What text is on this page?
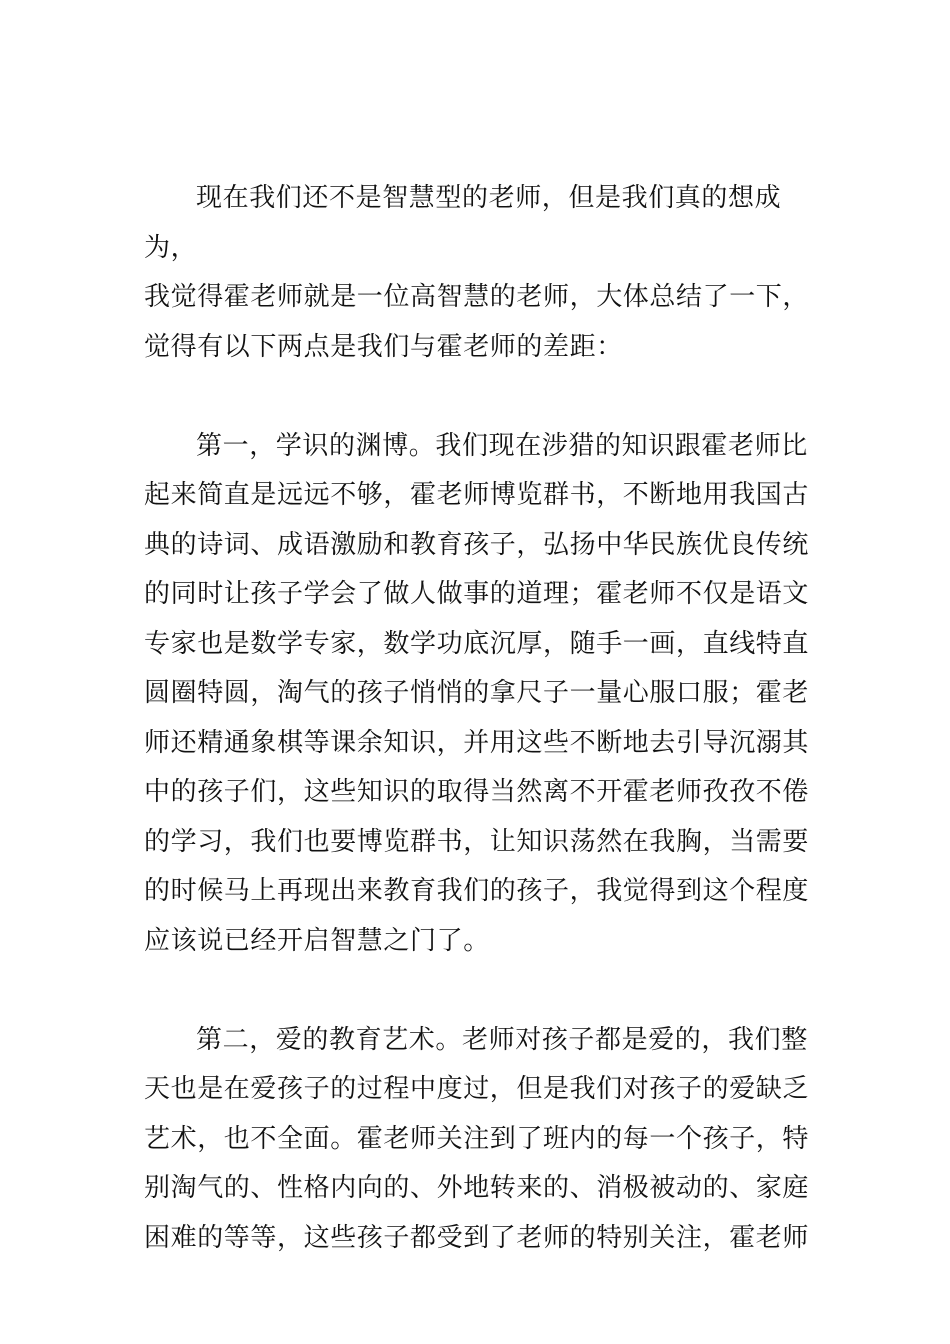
现在我们还不是智慧型的老师，但是我们真的想成为，
我觉得霍老师就是一位高智慧的老师，大体总结了一下，
觉得有以下两点是我们与霍老师的差距：

第一，学识的渊博。我们现在涉猎的知识跟霍老师比
起来简直是远远不够，霍老师博览群书，不断地用我国古
典的诗词、成语激励和教育孩子，弘扬中华民族优良传统
的同时让孩子学会了做人做事的道理；霍老师不仅是语文
专家也是数学专家，数学功底沉厚，随手一画，直线特直
圆圈特圆，淘气的孩子悄悄的拿尺子一量心服口服；霍老
师还精通象棋等课余知识，并用这些不断地去引导沉溺其
中的孩子们，这些知识的取得当然离不开霍老师孜孜不倦
的学习，我们也要博览群书，让知识荡然在我胸，当需要
的时候马上再现出来教育我们的孩子，我觉得到这个程度
应该说已经开启智慧之门了。

第二，爱的教育艺术。老师对孩子都是爱的，我们整
天也是在爱孩子的过程中度过，但是我们对孩子的爱缺乏
艺术，也不全面。霍老师关注到了班内的每一个孩子，特
别淘气的、性格内向的、外地转来的、消极被动的、家庭
困难的等等，这些孩子都受到了老师的特别关注，霍老师
